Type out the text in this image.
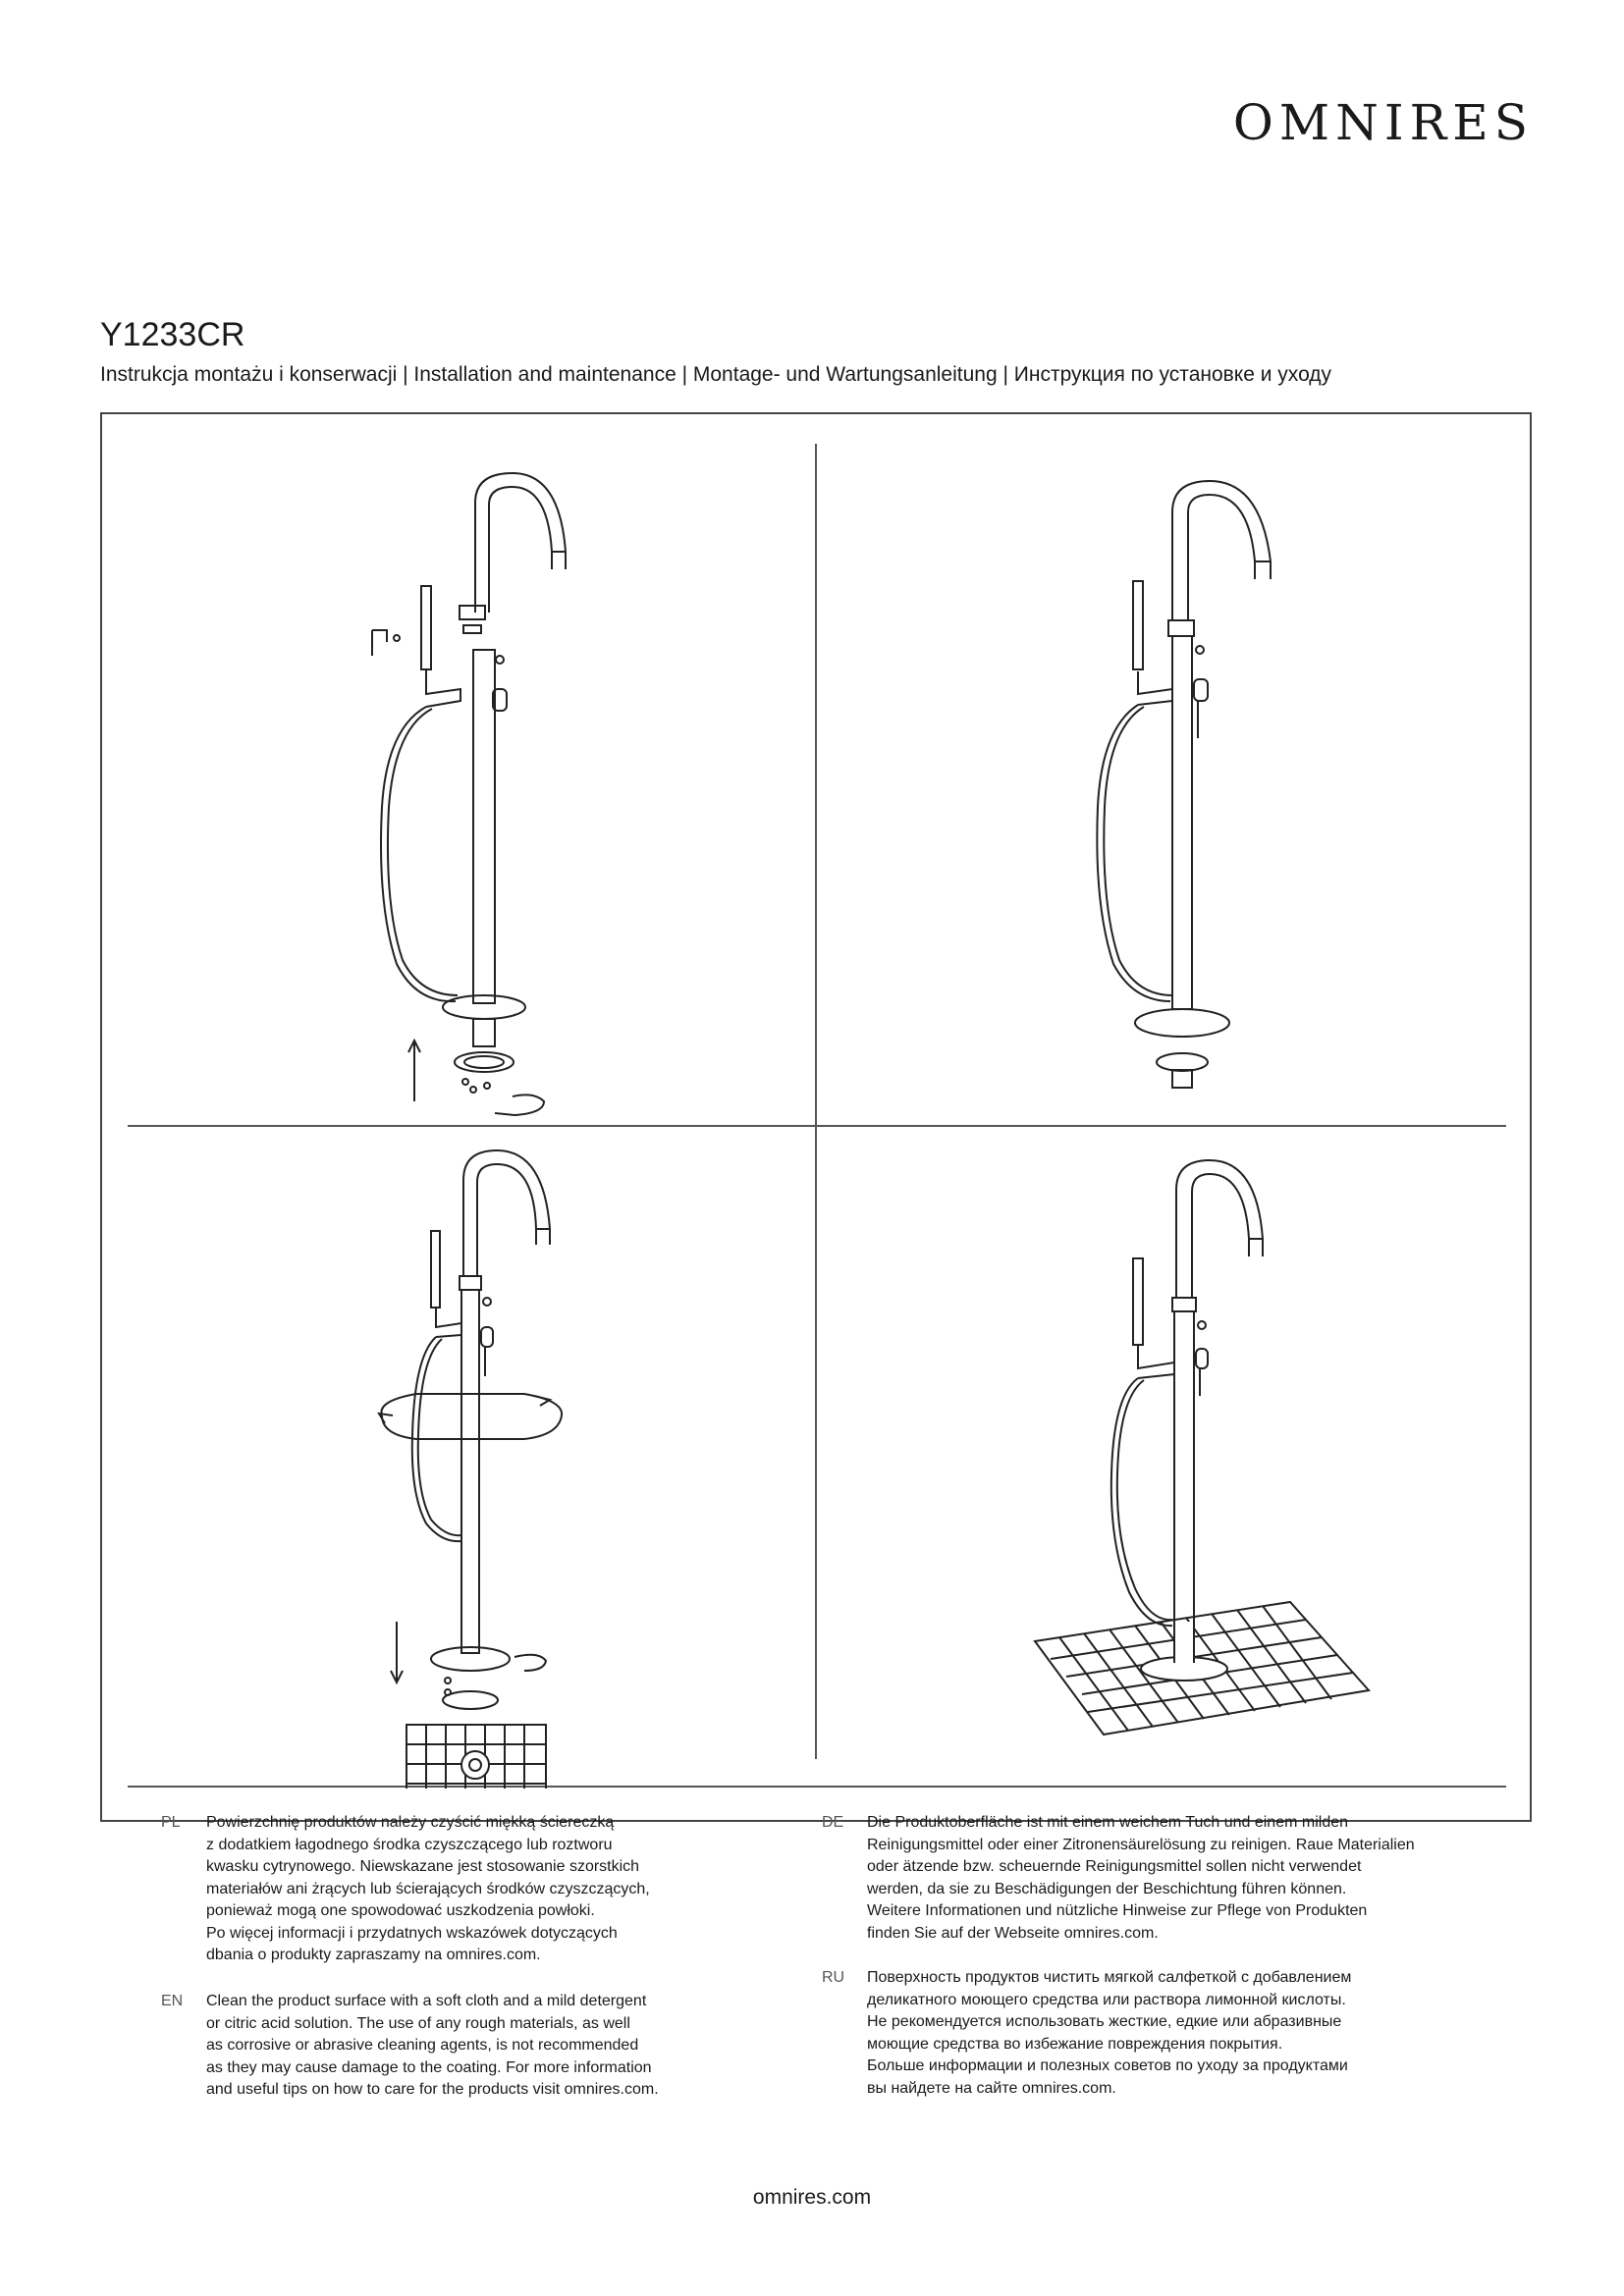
OMNIRES
Y1233CR
Instrukcja montażu i konserwacji | Installation and maintenance | Montage- und Wartungsanleitung | Инструкция по установке и уходу
PL Powierzchnię produktów należy czyścić miękką ściereczką
z dodatkiem łagodnego środka czyszczącego lub roztworu
kwasku cytrynowego. Niewskazane jest stosowanie szorstkich
materiałów ani żrących lub ścierających środków czyszczących,
ponieważ mogą one spowodować uszkodzenia powłoki.
Po więcej informacji i przydatnych wskazówek dotyczących
dbania o produkty zapraszamy na omnires.com.
EN Clean the product surface with a soft cloth and a mild detergent
or citric acid solution. The use of any rough materials, as well
as corrosive or abrasive cleaning agents, is not recommended
as they may cause damage to the coating. For more information
and useful tips on how to care for the products visit omnires.com.
DE Die Produktoberfläche ist mit einem weichem Tuch und einem milden
Reinigungsmittel oder einer Zitronensäurelösung zu reinigen. Raue Materialien
oder ätzende bzw. scheuernde Reinigungsmittel sollen nicht verwendet
werden, da sie zu Beschädigungen der Beschichtung führen können.
Weitere Informationen und nützliche Hinweise zur Pflege von Produkten
finden Sie auf der Webseite omnires.com.
RU Поверхность продуктов чистить мягкой салфеткой с добавлением
деликатного моющего средства или раствора лимонной кислоты.
Не рекомендуется использовать жесткие, едкие или абразивные
моющие средства во избежание повреждения покрытия.
Больше информации и полезных советов по уходу за продуктами
вы найдете на сайте omnires.com.
omnires.com
